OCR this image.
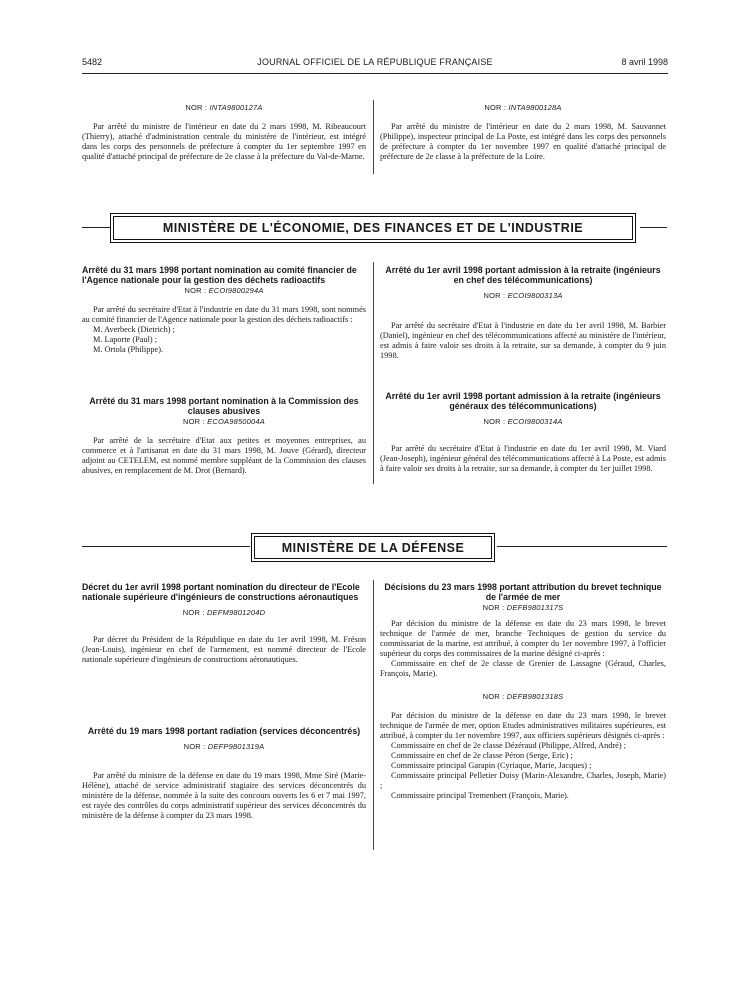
5482	JOURNAL OFFICIEL DE LA RÉPUBLIQUE FRANÇAISE	8 avril 1998
NOR : INTA9800127A

Par arrêté du ministre de l'intérieur en date du 2 mars 1998, M. Ribeaucourt (Thierry), attaché d'administration centrale du ministère de l'intérieur, est intégré dans les corps des personnels de préfecture à compter du 1er septembre 1997 en qualité d'attaché principal de préfecture de 2e classe à la préfecture du Val-de-Marne.

NOR : INTA9800128A

Par arrêté du ministre de l'intérieur en date du 2 mars 1998, M. Sauvannet (Philippe), inspecteur principal de La Poste, est intégré dans les corps des personnels de préfecture à compter du 1er novembre 1997 en qualité d'attaché principal de préfecture de 2e classe à la préfecture de la Loire.

MINISTÈRE DE L'ÉCONOMIE, DES FINANCES ET DE L'INDUSTRIE

Arrêté du 31 mars 1998 portant nomination au comité financier de l'Agence nationale pour la gestion des déchets radioactifs

NOR : ECOI9800294A

Par arrêté du secrétaire d'Etat à l'industrie en date du 31 mars 1998, sont nommés au comité financier de l'Agence nationale pour la gestion des déchets radioactifs :

M. Averbeck (Dietrich) ;

M. Laporte (Paul) ;

M. Ortola (Philippe).

Arrêté du 31 mars 1998 portant nomination à la Commission des clauses abusives

NOR : ECOA9850004A

Par arrêté de la secrétaire d'Etat aux petites et moyennes entreprises, au commerce et à l'artisanat en date du 31 mars 1998, M. Jouve (Gérard), directeur adjoint au CETELEM, est nommé membre suppléant de la Commission des clauses abusives, en remplacement de M. Drot (Bernard).

Arrêté du 1er avril 1998 portant admission à la retraite (ingénieurs en chef des télécommunications)

NOR : ECOI9800313A

Par arrêté du secrétaire d'Etat à l'industrie en date du 1er avril 1998, M. Barbier (Daniel), ingénieur en chef des télécommunications affecté au ministère de l'intérieur, est admis à faire valoir ses droits à la retraite, sur sa demande, à compter du 9 juin 1998.

Arrêté du 1er avril 1998 portant admission à la retraite (ingénieurs généraux des télécommunications)

NOR : ECOI9800314A

Par arrêté du secrétaire d'Etat à l'industrie en date du 1er avril 1998, M. Viard (Jean-Joseph), ingénieur général des télécommunications affecté à La Poste, est admis à faire valoir ses droits à la retraite, sur sa demande, à compter du 1er juillet 1998.

MINISTÈRE DE LA DÉFENSE

Décret du 1er avril 1998 portant nomination du directeur de l'Ecole nationale supérieure d'ingénieurs de constructions aéronautiques

NOR : DEFM9801204D

Par décret du Président de la République en date du 1er avril 1998, M. Fréson (Jean-Louis), ingénieur en chef de l'armement, est nommé directeur de l'Ecole nationale supérieure d'ingénieurs de constructions aéronautiques.

Arrêté du 19 mars 1998 portant radiation (services déconcentrés)

NOR : DEFP9801319A

Par arrêté du ministre de la défense en date du 19 mars 1998, Mme Siré (Marie-Hélène), attaché de service administratif stagiaire des services déconcentrés du ministère de la défense, nommée à la suite des concours ouverts les 6 et 7 mai 1997, est rayée des contrôles du corps administratif supérieur des services déconcentrés du ministère de la défense à compter du 23 mars 1998.

Décisions du 23 mars 1998 portant attribution du brevet technique de l'armée de mer

NOR : DEFB9801317S

Par décision du ministre de la défense en date du 23 mars 1998, le brevet technique de l'armée de mer, branche Techniques de gestion du service du commissariat de la marine, est attribué, à compter du 1er novembre 1997, à l'officier supérieur du corps des commissaires de la marine désigné ci-après :

Commissaire en chef de 2e classe de Grenier de Lassagne (Géraud, Charles, François, Marie).

NOR : DEFB9801318S

Par décision du ministre de la défense en date du 23 mars 1998, le brevet technique de l'armée de mer, option Etudes administratives militaires supérieures, est attribué, à compter du 1er novembre 1997, aux officiers supérieurs désignés ci-après :

Commissaire en chef de 2e classe Dézéraud (Philippe, Alfred, André) ;

Commissaire en chef de 2e classe Péron (Serge, Eric) ;

Commissaire principal Garapin (Cyriaque, Marie, Jacques) ;

Commissaire principal Pelletier Doisy (Marin-Alexandre, Charles, Joseph, Marie) ;

Commissaire principal Tremenbert (François, Marie).
